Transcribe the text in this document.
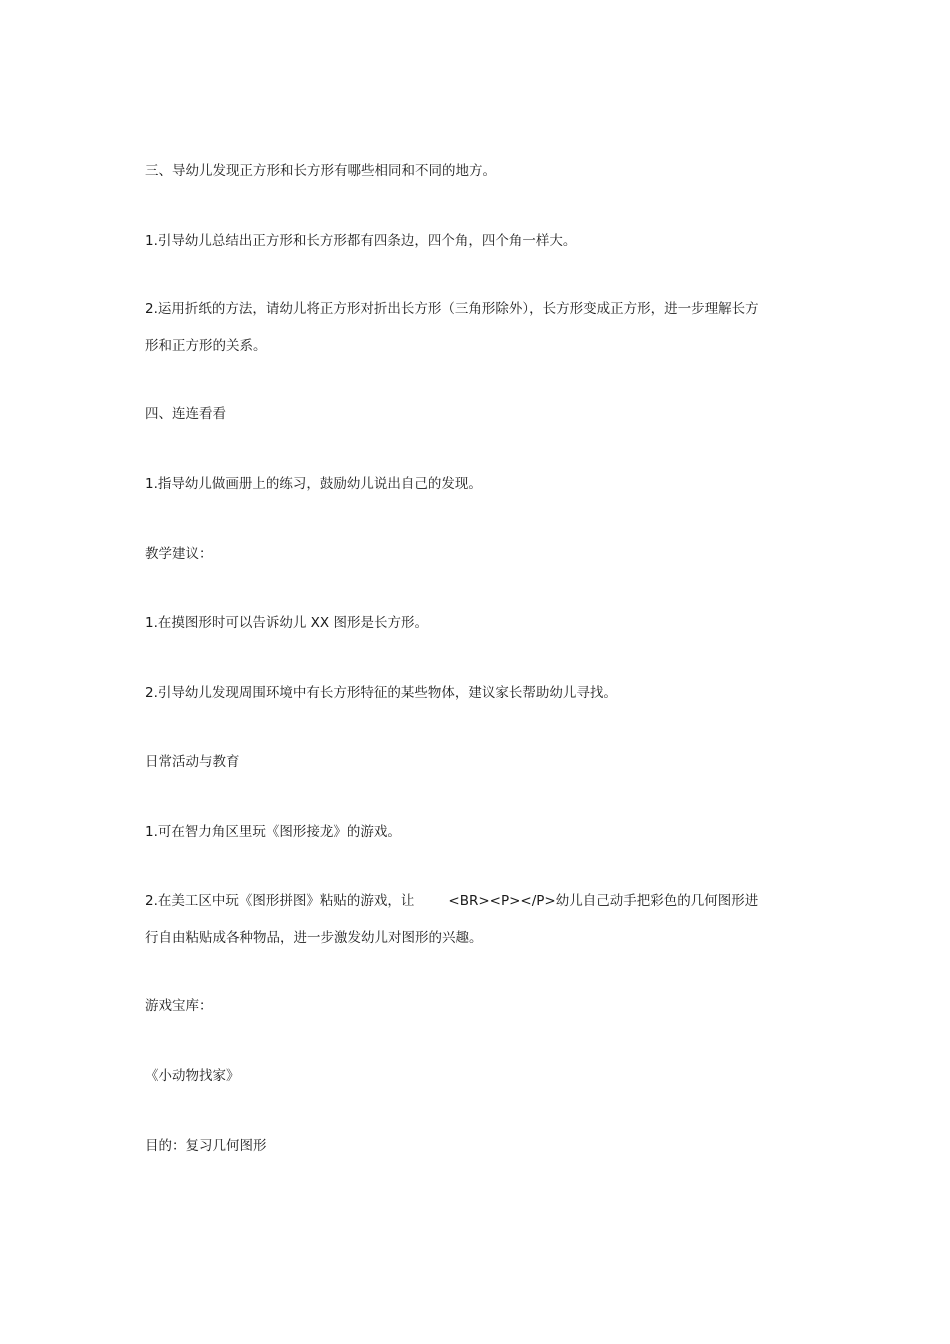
三、导幼儿发现正方形和长方形有哪些相同和不同的地方。
1.引导幼儿总结出正方形和长方形都有四条边，四个角，四个角一样大。
2.运用折纸的方法，请幼儿将正方形对折出长方形（三角形除外），长方形变成正方形，进一步理解长方
形和正方形的关系。
四、连连看看
1.指导幼儿做画册上的练习，鼓励幼儿说出自己的发现。
教学建议：
1.在摸图形时可以告诉幼儿 XX 图形是长方形。
2.引导幼儿发现周围环境中有长方形特征的某些物体，建议家长帮助幼儿寻找。
日常活动与教育
1.可在智力角区里玩《图形接龙》的游戏。
2.在美工区中玩《图形拼图》粘贴的游戏，让	<BR><P></P>幼儿自己动手把彩色的几何图形进
行自由粘贴成各种物品，进一步激发幼儿对图形的兴趣。
游戏宝库：
《小动物找家》
目的：复习几何图形
